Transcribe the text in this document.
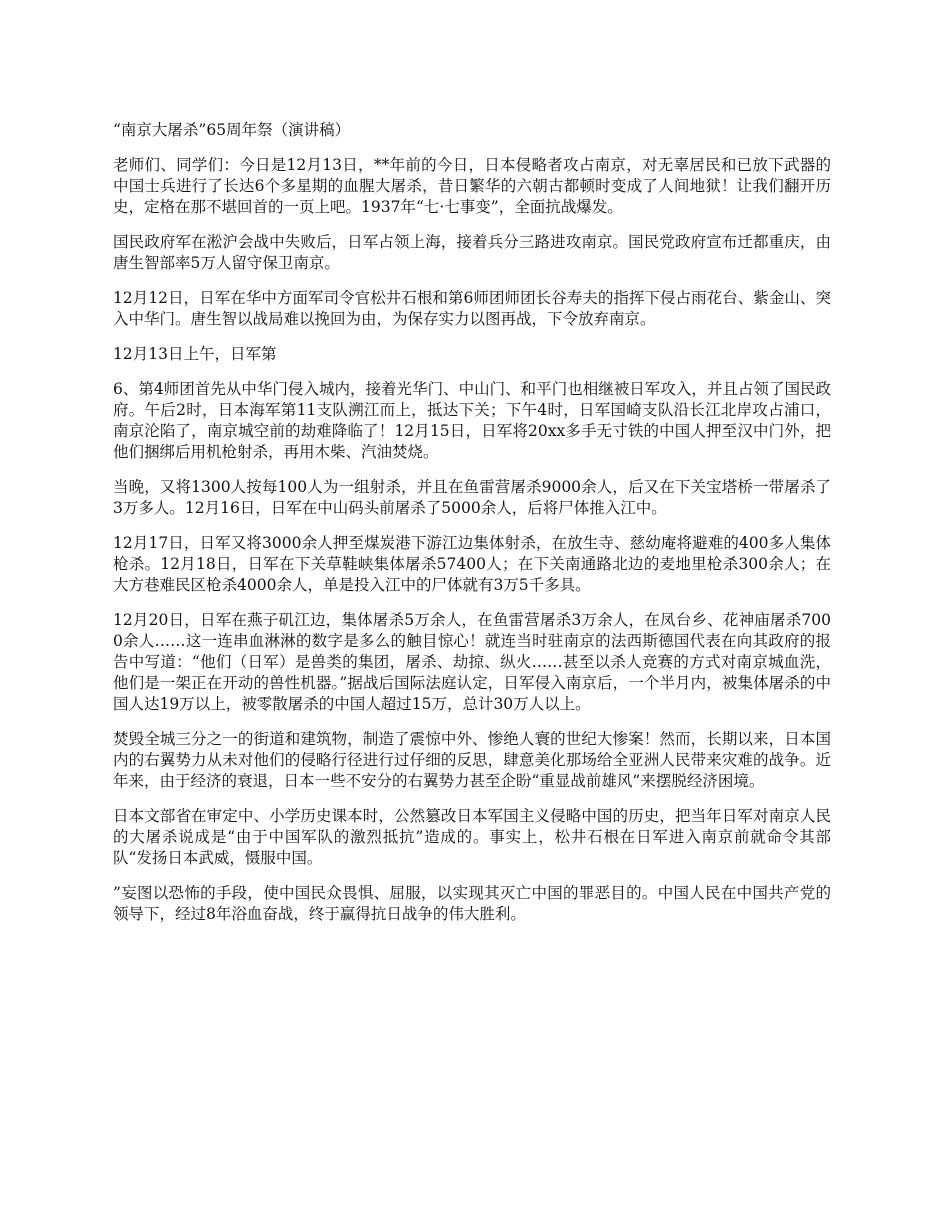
“南京大屠杀”65周年祭（演讲稿）

老师们、同学们：今日是12月13日，**年前的今日，日本侵略者攻占南京，对无辜居民和已放下武器的中国士兵进行了长达6个多星期的血腥大屠杀，昔日繁华的六朝古都顿时变成了人间地狱！让我们翻开历史，定格在那不堪回首的一页上吧。1937年“七·七事变”，全面抗战爆发。

国民政府军在淞沪会战中失败后，日军占领上海，接着兵分三路进攻南京。国民党政府宣布迁都重庆，由唐生智部率5万人留守保卫南京。

12月12日，日军在华中方面军司令官松井石根和第6师团师团长谷寿夫的指挥下侵占雨花台、紫金山、突入中华门。唐生智以战局难以挽回为由，为保存实力以图再战，下令放弃南京。

12月13日上午，日军第

6、第4师团首先从中华门侵入城内，接着光华门、中山门、和平门也相继被日军攻入，并且占领了国民政府。午后2时，日本海军第11支队溯江而上，抵达下关；下午4时，日军国崎支队沿长江北岸攻占浦口，南京沦陷了，南京城空前的劫难降临了！12月15日，日军将20xx多手无寸铁的中国人押至汉中门外，把他们捆绑后用机枪射杀，再用木柴、汽油焚烧。

当晚，又将1300人按每100人为一组射杀，并且在鱼雷营屠杀9000余人，后又在下关宝塔桥一带屠杀了3万多人。12月16日，日军在中山码头前屠杀了5000余人，后将尸体推入江中。

12月17日，日军又将3000余人押至煤炭港下游江边集体射杀，在放生寺、慈幼庵将避难的400多人集体枪杀。12月18日，日军在下关草鞋峡集体屠杀57400人；在下关南通路北边的麦地里枪杀300余人；在大方巷难民区枪杀4000余人，单是投入江中的尸体就有3万5千多具。

12月20日，日军在燕子矶江边，集体屠杀5万余人，在鱼雷营屠杀3万余人，在凤台乡、花神庙屠杀7000余人……这一连串血淋淋的数字是多么的触目惊心！就连当时驻南京的法西斯德国代表在向其政府的报告中写道：“他们（日军）是兽类的集团，屠杀、劫掠、纵火……甚至以杀人竞赛的方式对南京城血洗，他们是一架正在开动的兽性机器。”据战后国际法庭认定，日军侵入南京后，一个半月内，被集体屠杀的中国人达19万以上，被零散屠杀的中国人超过15万，总计30万人以上。

焚毁全城三分之一的街道和建筑物，制造了震惊中外、惨绝人寰的世纪大惨案！然而，长期以来，日本国内的右翼势力从未对他们的侵略行径进行过仔细的反思，肆意美化那场给全亚洲人民带来灾难的战争。近年来，由于经济的衰退，日本一些不安分的右翼势力甚至企盼“重显战前雄风”来摆脱经济困境。

日本文部省在审定中、小学历史课本时，公然篡改日本军国主义侵略中国的历史，把当年日军对南京人民的大屠杀说成是“由于中国军队的激烈抵抗”造成的。事实上，松井石根在日军进入南京前就命令其部队“发扬日本武威，慑服中国。

”妄图以恐怖的手段，使中国民众畏惧、屈服，以实现其灭亡中国的罪恶目的。中国人民在中国共产党的领导下，经过8年浴血奋战，终于赢得抗日战争的伟大胜利。
